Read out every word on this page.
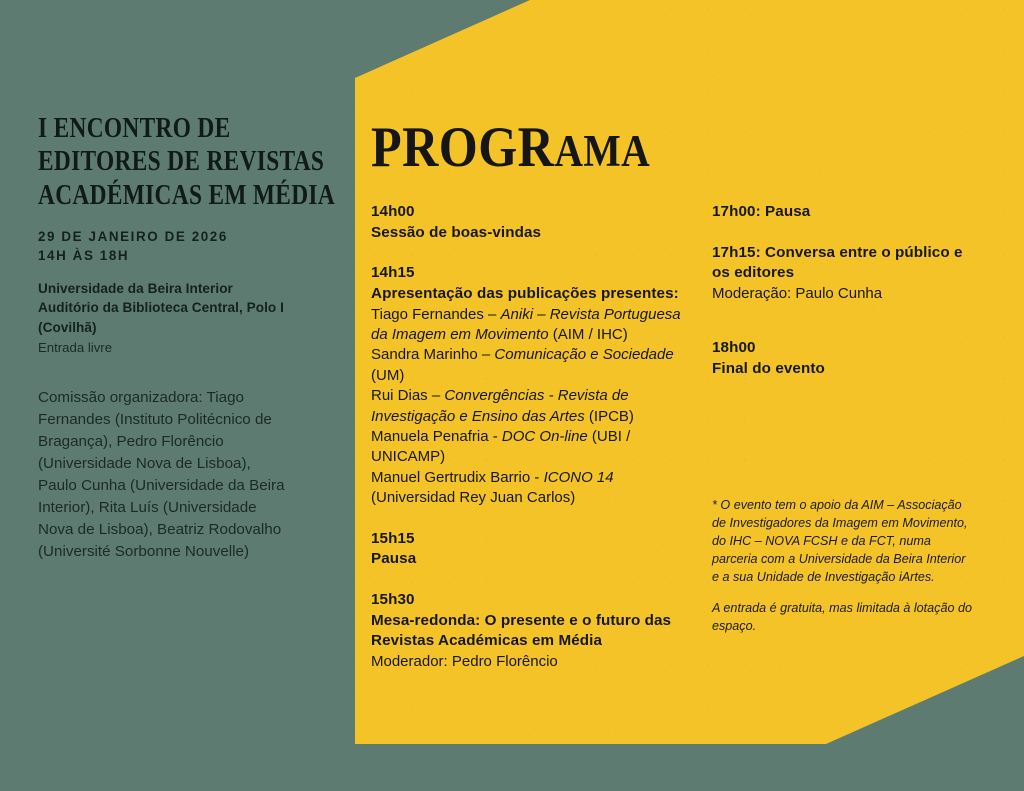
I ENCONTRO DE
EDITORES DE REVISTAS
ACADÉMICAS EM MÉDIA

29 DE JANEIRO DE 2026

14H ÀS 18H

Universidade da Beira Interior

Auditório da Biblioteca Central, Polo I

(Covilhã)

Entrada livre

Comissão organizadora: Tiago Fernandes (Instituto Politécnico de Bragança), Pedro Florêncio (Universidade Nova de Lisboa), Paulo Cunha (Universidade da Beira Interior), Rita Luís (Universidade Nova de Lisboa), Beatriz Rodovalho (Université Sorbonne Nouvelle)

PROGRAMA

14h00

Sessão de boas-vindas

14h15

Apresentação das publicações presentes:

Tiago Fernandes – Aniki – Revista Portuguesa da Imagem em Movimento (AIM / IHC)
Sandra Marinho – Comunicação e Sociedade (UM)
Rui Dias – Convergências - Revista de Investigação e Ensino das Artes (IPCB)
Manuela Penafria - DOC On-line (UBI / UNICAMP)
Manuel Gertrudix Barrio - ICONO 14 (Universidad Rey Juan Carlos)

15h15

Pausa

15h30

Mesa-redonda: O presente e o futuro das Revistas Académicas em Média

Moderador: Pedro Florêncio

17h00: Pausa

17h15: Conversa entre o público e os editores

Moderação: Paulo Cunha

18h00

Final do evento

* O evento tem o apoio da AIM – Associação de Investigadores da Imagem em Movimento, do IHC – NOVA FCSH e da FCT, numa parceria com a Universidade da Beira Interior e a sua Unidade de Investigação iArtes.

A entrada é gratuita, mas limitada à lotação do espaço.
